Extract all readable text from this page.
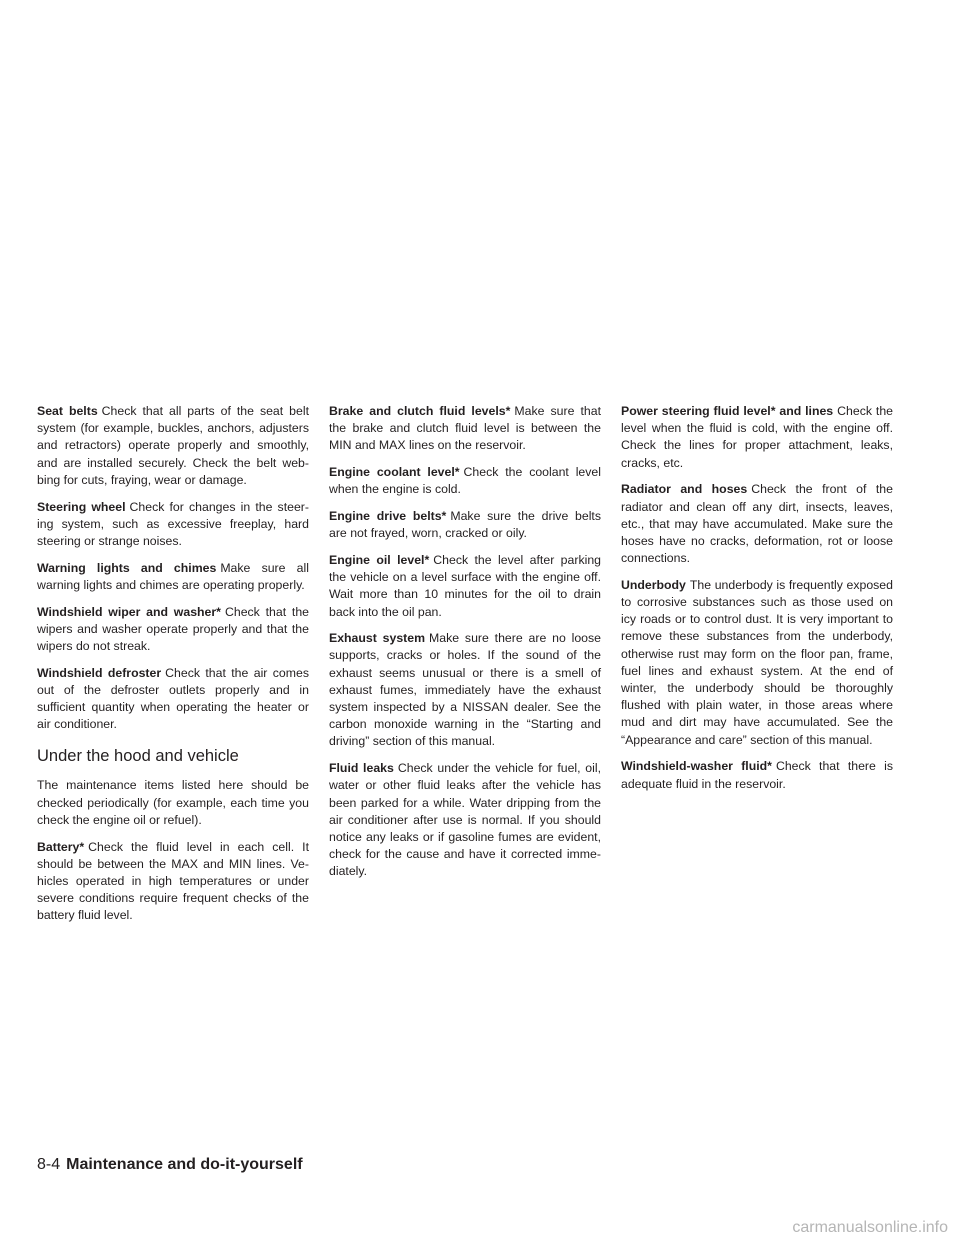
Seat belts Check that all parts of the seat belt system (for example, buckles, anchors, adjusters and retractors) operate properly and smoothly, and are installed securely. Check the belt webbing for cuts, fraying, wear or damage.

Steering wheel Check for changes in the steering system, such as excessive freeplay, hard steering or strange noises.

Warning lights and chimes Make sure all warning lights and chimes are operating properly.

Windshield wiper and washer* Check that the wipers and washer operate properly and that the wipers do not streak.

Windshield defroster Check that the air comes out of the defroster outlets properly and in sufficient quantity when operating the heater or air conditioner.

Under the hood and vehicle

The maintenance items listed here should be checked periodically (for example, each time you check the engine oil or refuel).

Battery* Check the fluid level in each cell. It should be between the MAX and MIN lines. Vehicles operated in high temperatures or under severe conditions require frequent checks of the battery fluid level.

Brake and clutch fluid levels* Make sure that the brake and clutch fluid level is between the MIN and MAX lines on the reservoir.

Engine coolant level* Check the coolant level when the engine is cold.

Engine drive belts* Make sure the drive belts are not frayed, worn, cracked or oily.

Engine oil level* Check the level after parking the vehicle on a level surface with the engine off. Wait more than 10 minutes for the oil to drain back into the oil pan.

Exhaust system Make sure there are no loose supports, cracks or holes. If the sound of the exhaust seems unusual or there is a smell of exhaust fumes, immediately have the exhaust system inspected by a NISSAN dealer. See the carbon monoxide warning in the “Starting and driving” section of this manual.

Fluid leaks Check under the vehicle for fuel, oil, water or other fluid leaks after the vehicle has been parked for a while. Water dripping from the air conditioner after use is normal. If you should notice any leaks or if gasoline fumes are evident, check for the cause and have it corrected immediately.

Power steering fluid level* and lines Check the level when the fluid is cold, with the engine off. Check the lines for proper attachment, leaks, cracks, etc.

Radiator and hoses Check the front of the radiator and clean off any dirt, insects, leaves, etc., that may have accumulated. Make sure the hoses have no cracks, deformation, rot or loose connections.

Underbody The underbody is frequently exposed to corrosive substances such as those used on icy roads or to control dust. It is very important to remove these substances from the underbody, otherwise rust may form on the floor pan, frame, fuel lines and exhaust system. At the end of winter, the underbody should be thoroughly flushed with plain water, in those areas where mud and dirt may have accumulated. See the “Appearance and care” section of this manual.

Windshield-washer fluid* Check that there is adequate fluid in the reservoir.

8-4 Maintenance and do-it-yourself
carmanualsonline.info
